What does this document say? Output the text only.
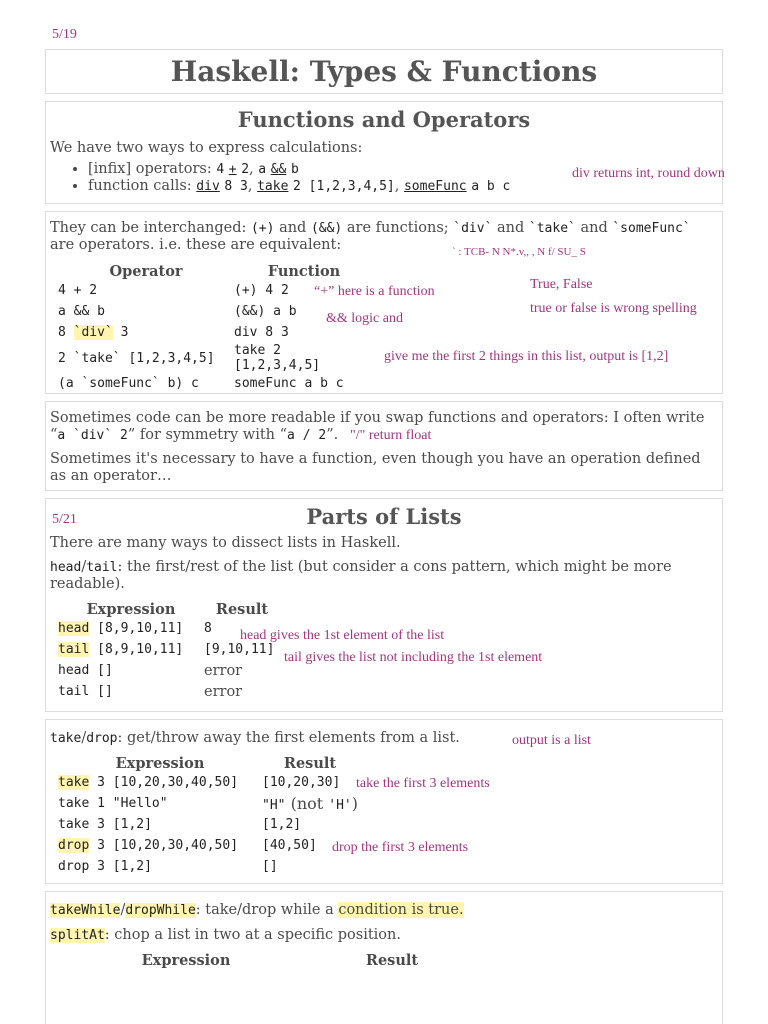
5/19
Haskell: Types & Functions
Functions and Operators

We have two ways to express calculations:

• [infix] operators: 4 + 2, a && b
• function calls: div 8 3, take 2 [1,2,3,4,5], someFunc a b c
div returns int, round down

They can be interchanged: (+) and (&&) are functions; `div` and `take` and `someFunc` are operators. i.e. these are equivalent:

Operator	Function
4 + 2	(+) 4 2
a && b	(&&) a b
8 `div` 3	div 8 3
2 `take` [1,2,3,4,5]	take 2 [1,2,3,4,5]
(a `someFunc` b) c	someFunc a b c
` : TCB- N N*.v,, , N f/ SU_ S
True, False
“+” here is a function
true or false is wrong spelling
&& logic and
give me the first 2 things in this list, output is [1,2]

Sometimes code can be more readable if you swap functions and operators: I often write “a `div` 2” for symmetry with “a / 2”.

Sometimes it's necessary to have a function, even though you have an operation defined as an operator…

"/" return float
Parts of Lists

There are many ways to dissect lists in Haskell.

head/tail: the first/rest of the list (but consider a cons pattern, which might be more readable).

Expression	Result
head [8,9,10,11]	8
tail [8,9,10,11]	[9,10,11]
head []	error
tail []	error
5/21
head gives the 1st element of the list
tail gives the list not including the 1st element

take/drop: get/throw away the first elements from a list.

Expression	Result
take 3 [10,20,30,40,50]	[10,20,30]
take 1 "Hello"	"H" (not 'H')
take 3 [1,2]	[1,2]
drop 3 [10,20,30,40,50]	[40,50]
drop 3 [1,2]	[]
output is a list
take the first 3 elements
drop the first 3 elements

takeWhile/dropWhile: take/drop while a condition is true.

splitAt: chop a list in two at a specific position.

Expression	Result
